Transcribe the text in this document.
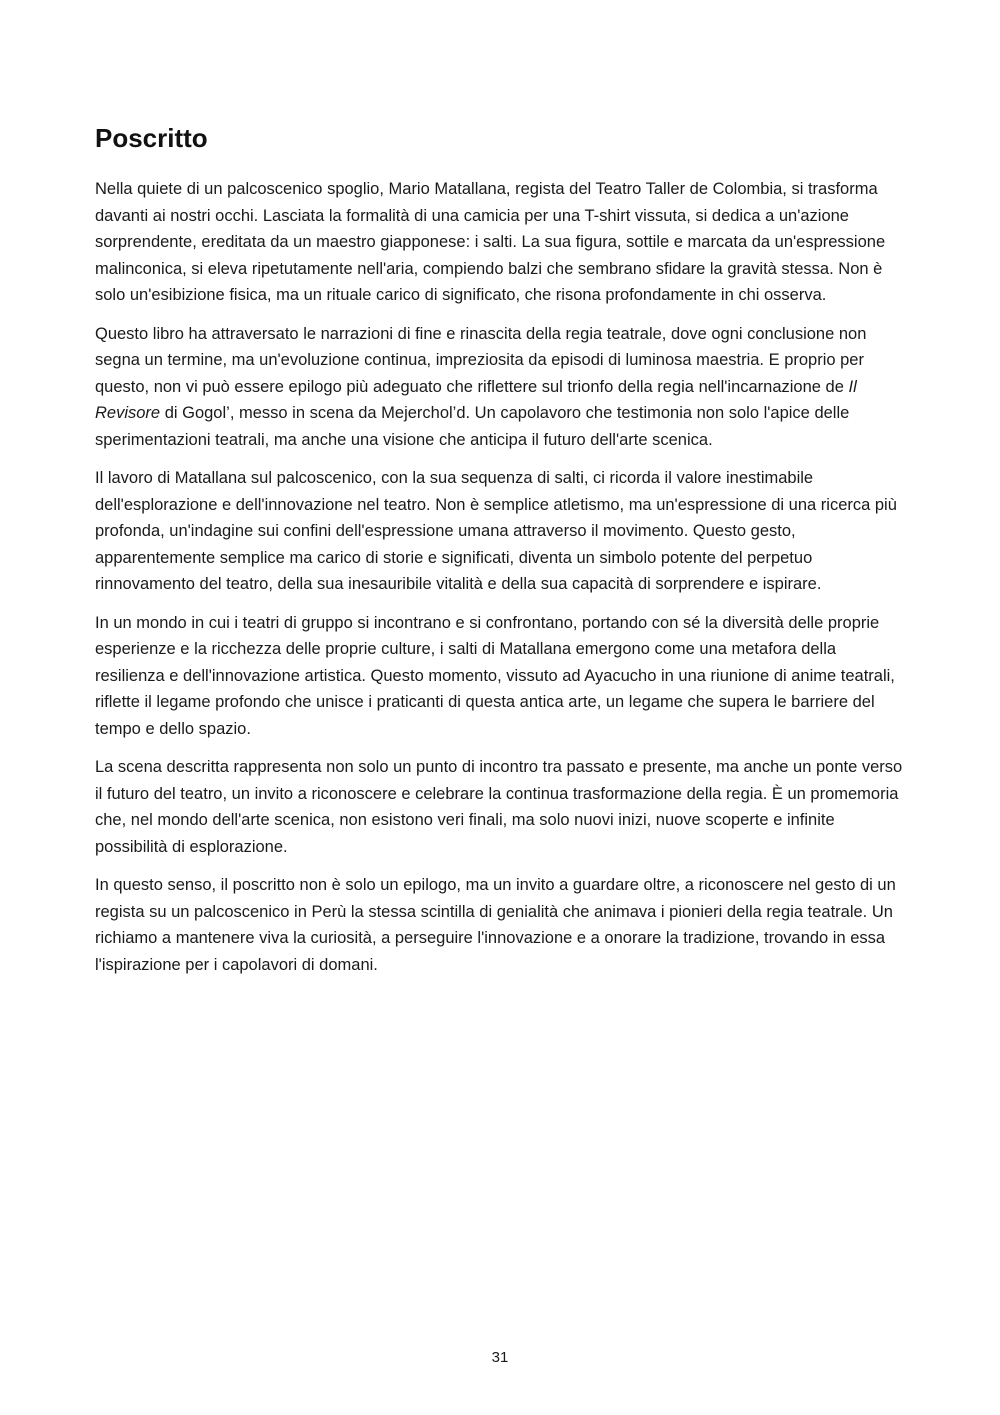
Poscritto

Nella quiete di un palcoscenico spoglio, Mario Matallana, regista del Teatro Taller de Colombia, si trasforma davanti ai nostri occhi. Lasciata la formalità di una camicia per una T-shirt vissuta, si dedica a un'azione sorprendente, ereditata da un maestro giapponese: i salti. La sua figura, sottile e marcata da un'espressione malinconica, si eleva ripetutamente nell'aria, compiendo balzi che sembrano sfidare la gravità stessa. Non è solo un'esibizione fisica, ma un rituale carico di significato, che risona profondamente in chi osserva.

Questo libro ha attraversato le narrazioni di fine e rinascita della regia teatrale, dove ogni conclusione non segna un termine, ma un'evoluzione continua, impreziosita da episodi di luminosa maestria. E proprio per questo, non vi può essere epilogo più adeguato che riflettere sul trionfo della regia nell'incarnazione de Il Revisore di Gogol’, messo in scena da Mejerchol’d. Un capolavoro che testimonia non solo l'apice delle sperimentazioni teatrali, ma anche una visione che anticipa il futuro dell'arte scenica.

Il lavoro di Matallana sul palcoscenico, con la sua sequenza di salti, ci ricorda il valore inestimabile dell'esplorazione e dell'innovazione nel teatro. Non è semplice atletismo, ma un'espressione di una ricerca più profonda, un'indagine sui confini dell'espressione umana attraverso il movimento. Questo gesto, apparentemente semplice ma carico di storie e significati, diventa un simbolo potente del perpetuo rinnovamento del teatro, della sua inesauribile vitalità e della sua capacità di sorprendere e ispirare.

In un mondo in cui i teatri di gruppo si incontrano e si confrontano, portando con sé la diversità delle proprie esperienze e la ricchezza delle proprie culture, i salti di Matallana emergono come una metafora della resilienza e dell'innovazione artistica. Questo momento, vissuto ad Ayacucho in una riunione di anime teatrali, riflette il legame profondo che unisce i praticanti di questa antica arte, un legame che supera le barriere del tempo e dello spazio.

La scena descritta rappresenta non solo un punto di incontro tra passato e presente, ma anche un ponte verso il futuro del teatro, un invito a riconoscere e celebrare la continua trasformazione della regia. È un promemoria che, nel mondo dell'arte scenica, non esistono veri finali, ma solo nuovi inizi, nuove scoperte e infinite possibilità di esplorazione.

In questo senso, il poscritto non è solo un epilogo, ma un invito a guardare oltre, a riconoscere nel gesto di un regista su un palcoscenico in Perù la stessa scintilla di genialità che animava i pionieri della regia teatrale. Un richiamo a mantenere viva la curiosità, a perseguire l'innovazione e a onorare la tradizione, trovando in essa l'ispirazione per i capolavori di domani.

31
